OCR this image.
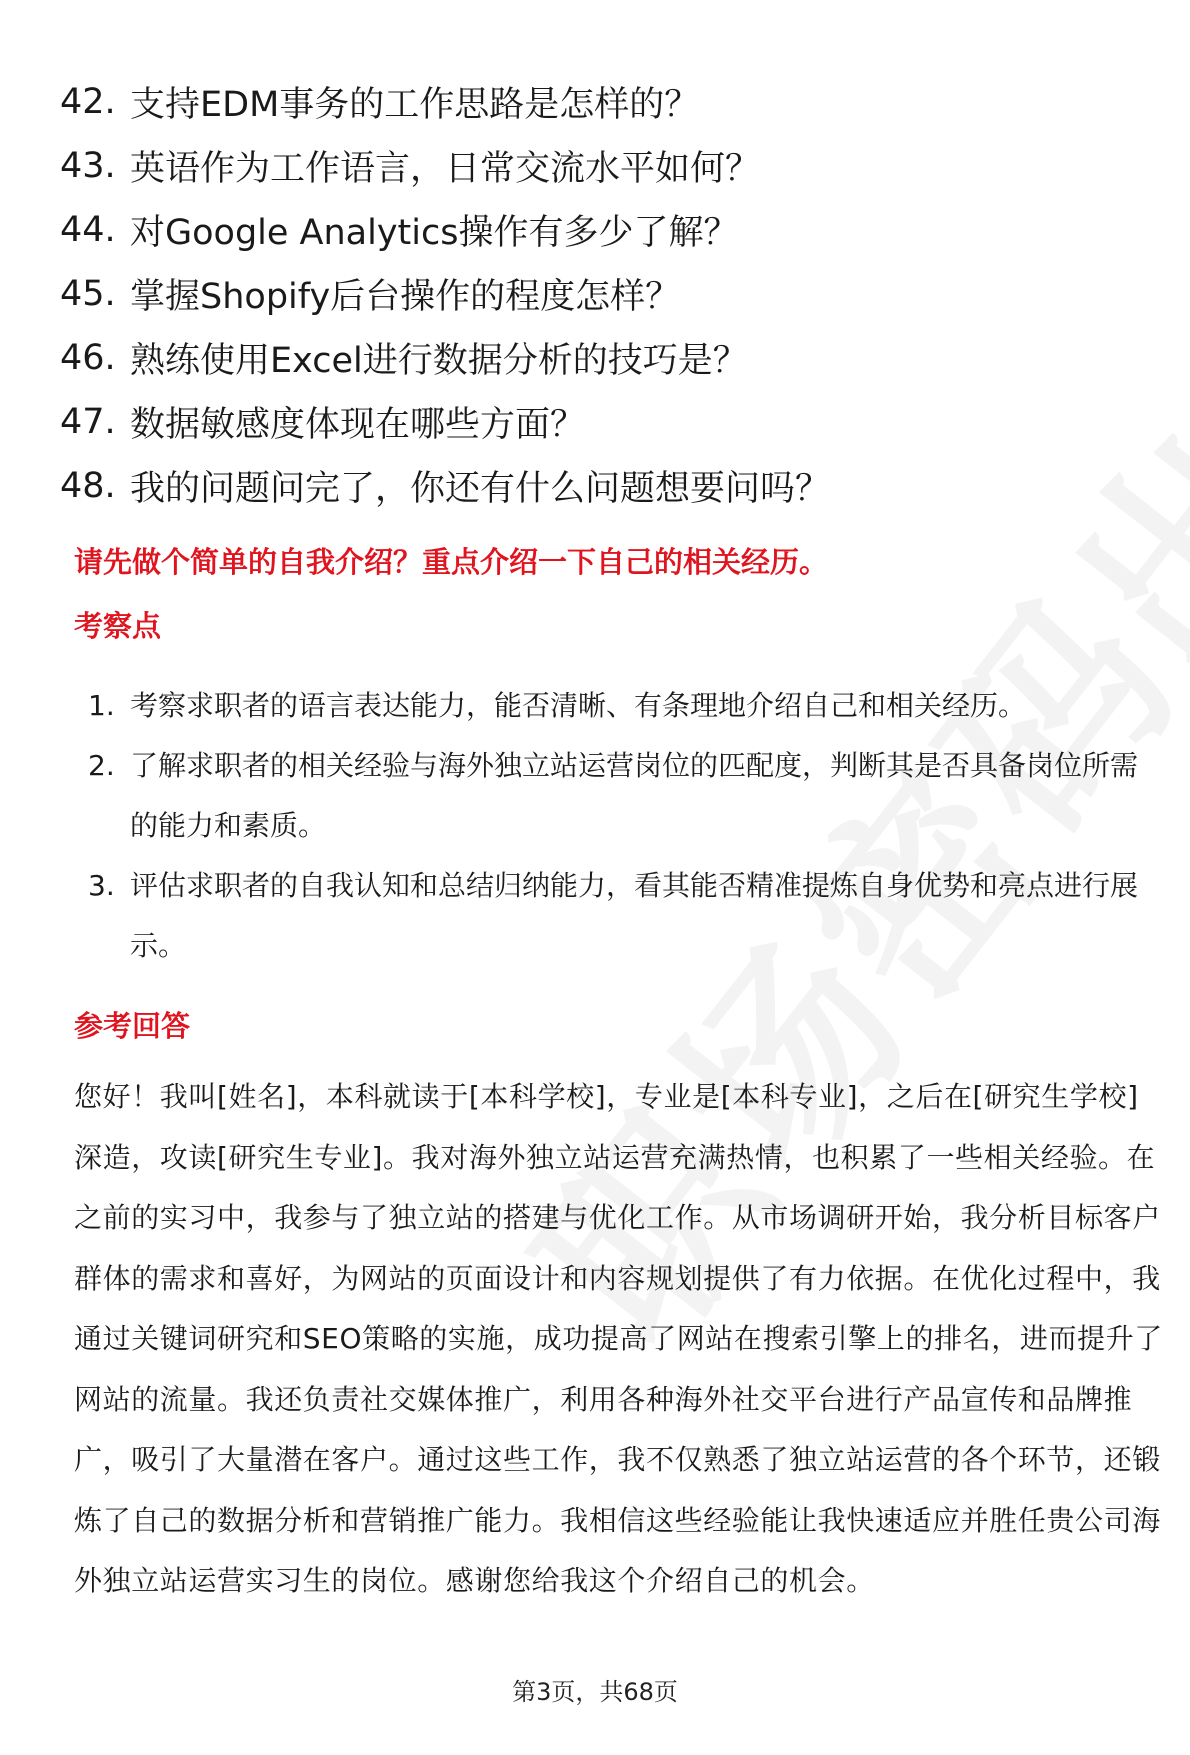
42. 支持EDM事务的工作思路是怎样的？
43. 英语作为工作语言，日常交流水平如何？
44. 对Google Analytics操作有多少了解？
45. 掌握Shopify后台操作的程度怎样？
46. 熟练使用Excel进行数据分析的技巧是？
47. 数据敏感度体现在哪些方面？
48. 我的问题问完了，你还有什么问题想要问吗？
请先做个简单的自我介绍？重点介绍一下自己的相关经历。
考察点
1. 考察求职者的语言表达能力，能否清晰、有条理地介绍自己和相关经历。
2. 了解求职者的相关经验与海外独立站运营岗位的匹配度，判断其是否具备岗位所需的能力和素质。
3. 评估求职者的自我认知和总结归纳能力，看其能否精准提炼自身优势和亮点进行展示。
参考回答
您好！我叫[姓名]，本科就读于[本科学校]，专业是[本科专业]，之后在[研究生学校]深造，攻读[研究生专业]。我对海外独立站运营充满热情，也积累了一些相关经验。在之前的实习中，我参与了独立站的搭建与优化工作。从市场调研开始，我分析目标客户群体的需求和喜好，为网站的页面设计和内容规划提供了有力依据。在优化过程中，我通过关键词研究和SEO策略的实施，成功提高了网站在搜索引擎上的排名，进而提升了网站的流量。我还负责社交媒体推广，利用各种海外社交平台进行产品宣传和品牌推广，吸引了大量潜在客户。通过这些工作，我不仅熟悉了独立站运营的各个环节，还锻炼了自己的数据分析和营销推广能力。我相信这些经验能让我快速适应并胜任贵公司海外独立站运营实习生的岗位。感谢您给我这个介绍自己的机会。
第3页，共68页
